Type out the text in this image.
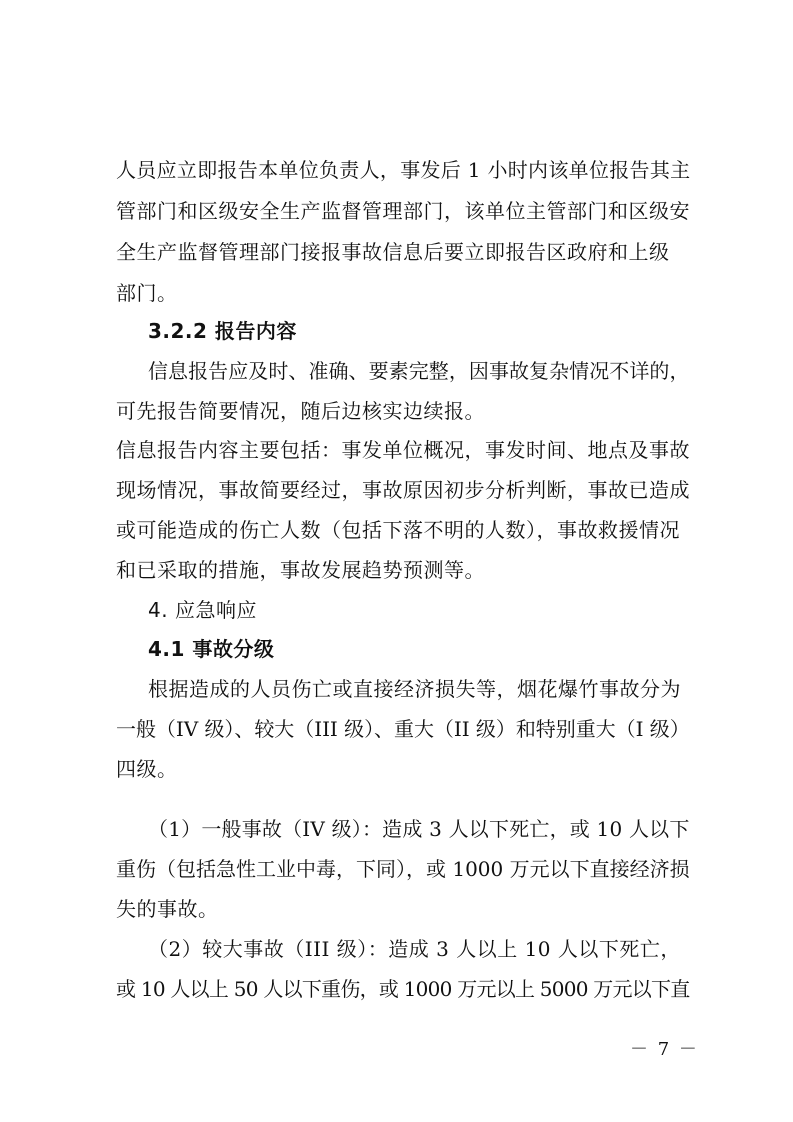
人员应立即报告本单位负责人，事发后 1 小时内该单位报告其主
管部门和区级安全生产监督管理部门，该单位主管部门和区级安
全生产监督管理部门接报事故信息后要立即报告区政府和上级
部门。
3.2.2 报告内容
信息报告应及时、准确、要素完整，因事故复杂情况不详的，
可先报告简要情况，随后边核实边续报。
信息报告内容主要包括：事发单位概况，事发时间、地点及事故
现场情况，事故简要经过，事故原因初步分析判断，事故已造成
或可能造成的伤亡人数（包括下落不明的人数），事故救援情况
和已采取的措施，事故发展趋势预测等。
4. 应急响应
4.1 事故分级
根据造成的人员伤亡或直接经济损失等，烟花爆竹事故分为
一般（IV 级）、较大（III 级）、重大（II 级）和特别重大（I 级）
四级。
（1）一般事故（IV 级）：造成 3 人以下死亡，或 10 人以下
重伤（包括急性工业中毒，下同），或 1000 万元以下直接经济损
失的事故。
（2）较大事故（III 级）：造成 3 人以上 10 人以下死亡，
或 10 人以上 50 人以下重伤，或 1000 万元以上 5000 万元以下直
－ 7 －
